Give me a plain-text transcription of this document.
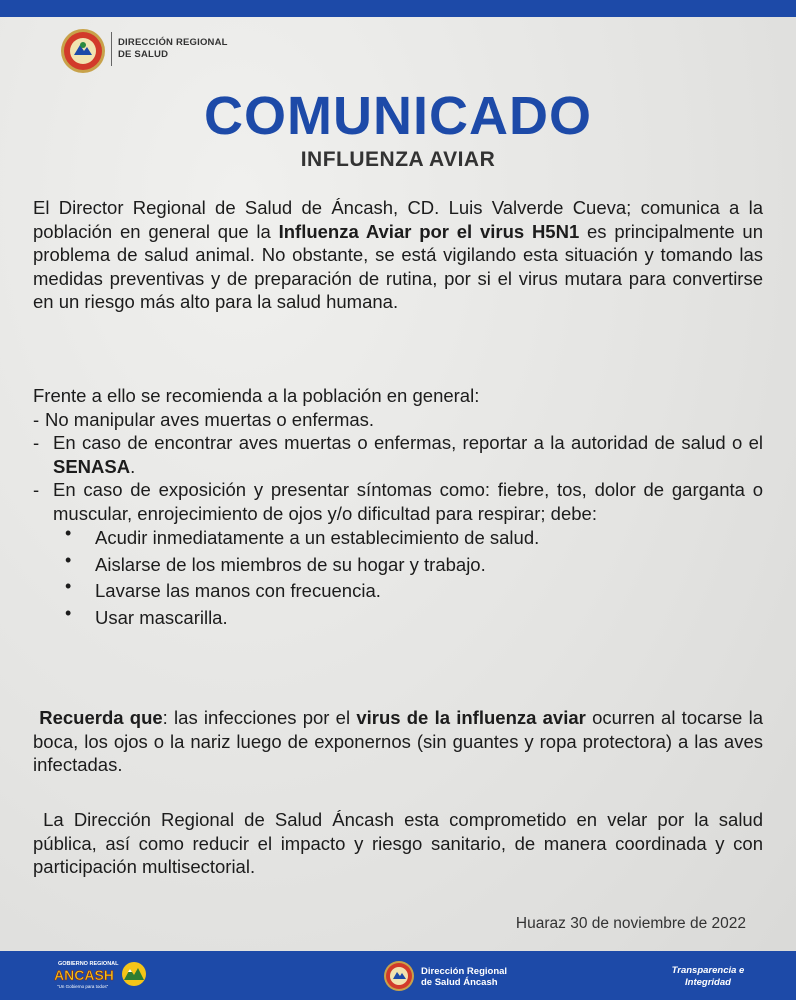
DIRECCIÓN REGIONAL
DE SALUD
COMUNICADO
INFLUENZA AVIAR
El Director Regional de Salud de Áncash, CD. Luis Valverde Cueva; comunica a la población en general que la Influenza Aviar por el virus H5N1 es principalmente un problema de salud animal. No obstante, se está vigilando esta situación y tomando las medidas preventivas y de preparación de rutina, por si el virus mutara para convertirse en un riesgo más alto para la salud humana.
Frente a ello se recomienda a la población en general:
- No manipular aves muertas o enfermas.
- En caso de encontrar aves muertas o enfermas, reportar a la autoridad de salud o el SENASA.
- En caso de exposición y presentar síntomas como: fiebre, tos, dolor de garganta o muscular, enrojecimiento de ojos y/o dificultad para respirar; debe:
• Acudir inmediatamente a un establecimiento de salud.
• Aislarse de los miembros de su hogar y trabajo.
• Lavarse las manos con frecuencia.
• Usar mascarilla.
Recuerda que: las infecciones por el virus de la influenza aviar ocurren al tocarse la boca, los ojos o la nariz luego de exponernos (sin guantes y ropa protectora) a las aves infectadas.
La Dirección Regional de Salud Áncash esta comprometido en velar por la salud pública, así como reducir el impacto y riesgo sanitario, de manera coordinada y con participación multisectorial.
Huaraz 30 de noviembre de 2022
GOBIERNO REGIONAL
ANCASH
"Un Gobierno para todos"
Dirección Regional
de Salud Áncash
Transparencia e
Integridad
